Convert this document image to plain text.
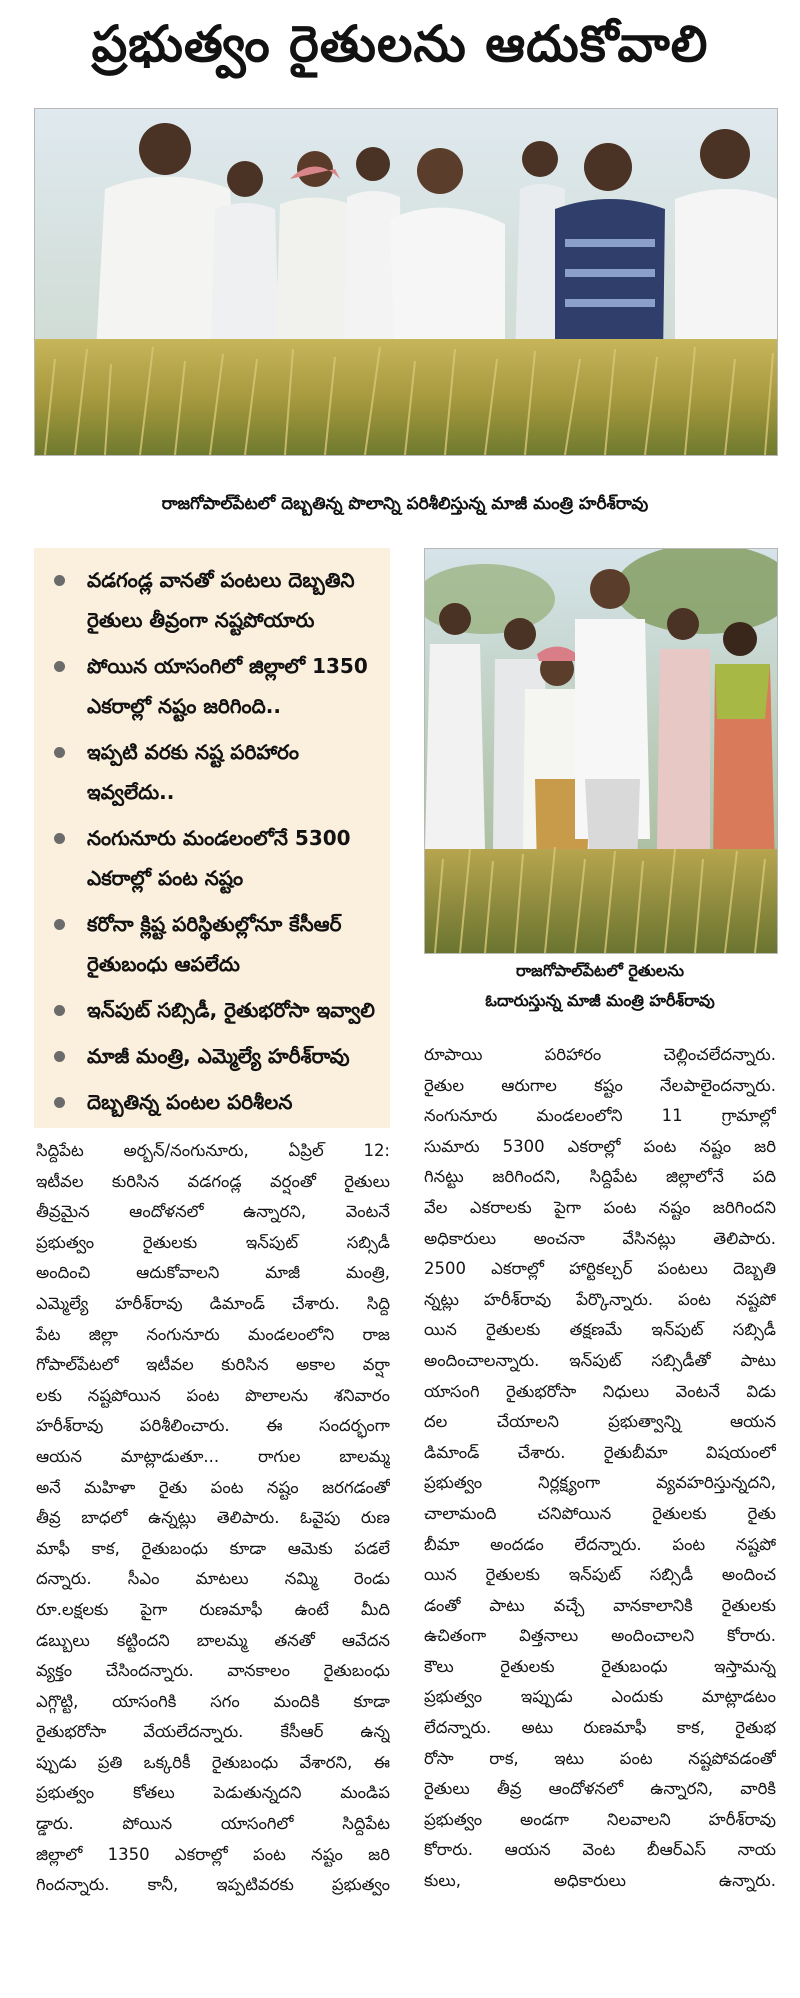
ప్రభుత్వం రైతులను ఆదుకోవాలి
రాజగోపాల్‌పేటలో దెబ్బతిన్న పొలాన్ని పరిశీలిస్తున్న మాజీ మంత్రి హరీశ్‌రావు
వడగండ్ల వానతో పంటలు దెబ్బతిని రైతులు తీవ్రంగా నష్టపోయారు
పోయిన యాసంగిలో జిల్లాలో 1350 ఎకరాల్లో నష్టం జరిగింది..
ఇప్పటి వరకు నష్ట పరిహారం ఇవ్వలేదు..
నంగునూరు మండలంలోనే 5300 ఎకరాల్లో పంట నష్టం
కరోనా క్లిష్ట పరిస్థితుల్లోనూ కేసీఆర్ రైతుబంధు ఆపలేదు
ఇన్‌పుట్ సబ్సిడీ, రైతుభరోసా ఇవ్వాలి
మాజీ మంత్రి, ఎమ్మెల్యే హరీశ్‌రావు
దెబ్బతిన్న పంటల పరిశీలన
రాజగోపాల్‌పేటలో రైతులను
ఓదారుస్తున్న మాజీ మంత్రి హరీశ్‌రావు
సిద్దిపేట అర్బన్/నంగునూరు, ఏప్రిల్ 12:
ఇటీవల కురిసిన వడగండ్ల వర్షంతో రైతులు
తీవ్రమైన ఆందోళనలో ఉన్నారని, వెంటనే
ప్రభుత్వం రైతులకు ఇన్‌పుట్ సబ్సిడీ
అందించి ఆదుకోవాలని మాజీ మంత్రి,
ఎమ్మెల్యే హరీశ్‌రావు డిమాండ్ చేశారు. సిద్ది
పేట జిల్లా నంగునూరు మండలంలోని రాజ
గోపాల్‌పేటలో ఇటీవల కురిసిన అకాల వర్షా
లకు నష్టపోయిన పంట పొలాలను శనివారం
హరీశ్‌రావు పరిశీలించారు. ఈ సందర్భంగా
ఆయన మాట్లాడుతూ... రాగుల బాలమ్మ
అనే మహిళా రైతు పంట నష్టం జరగడంతో
తీవ్ర బాధలో ఉన్నట్లు తెలిపారు. ఓవైపు రుణ
మాఫీ కాక, రైతుబంధు కూడా ఆమెకు పడలే
దన్నారు. సీఎం మాటలు నమ్మి రెండు
రూ.లక్షలకు పైగా రుణమాఫీ ఉంటే మీది
డబ్బులు కట్టిందని బాలమ్మ తనతో ఆవేదన
వ్యక్తం చేసిందన్నారు. వానకాలం రైతుబంధు
ఎగ్గొట్టి, యాసంగికి సగం మందికి కూడా
రైతుభరోసా వేయలేదన్నారు. కేసీఆర్ ఉన్న
ప్పుడు ప్రతి ఒక్కరికీ రైతుబంధు వేశారని, ఈ
ప్రభుత్వం కోతలు పెడుతున్నదని మండిప
డ్డారు. పోయిన యాసంగిలో సిద్దిపేట
జిల్లాలో 1350 ఎకరాల్లో పంట నష్టం జరి
గిందన్నారు. కానీ, ఇప్పటివరకు ప్రభుత్వం
రూపాయి పరిహారం చెల్లించలేదన్నారు.
రైతుల ఆరుగాల కష్టం నేలపాలైందన్నారు.
నంగునూరు మండలంలోని 11 గ్రామాల్లో
సుమారు 5300 ఎకరాల్లో పంట నష్టం జరి
గినట్టు జరిగిందని, సిద్దిపేట జిల్లాలోనే పది
వేల ఎకరాలకు పైగా పంట నష్టం జరిగిందని
అధికారులు అంచనా వేసినట్లు తెలిపారు.
2500 ఎకరాల్లో హార్టికల్చర్ పంటలు దెబ్బతి
న్నట్లు హరీశ్‌రావు పేర్కొన్నారు. పంట నష్టపో
యిన రైతులకు తక్షణమే ఇన్‌పుట్ సబ్సిడీ
అందించాలన్నారు. ఇన్‌పుట్ సబ్సిడీతో పాటు
యాసంగి రైతుభరోసా నిధులు వెంటనే విడు
దల చేయాలని ప్రభుత్వాన్ని ఆయన
డిమాండ్ చేశారు. రైతుబీమా విషయంలో
ప్రభుత్వం నిర్లక్ష్యంగా వ్యవహరిస్తున్నదని,
చాలామంది చనిపోయిన రైతులకు రైతు
బీమా అందడం లేదన్నారు. పంట నష్టపో
యిన రైతులకు ఇన్‌పుట్ సబ్సిడీ అందించ
డంతో పాటు వచ్చే వానకాలానికి రైతులకు
ఉచితంగా విత్తనాలు అందించాలని కోరారు.
కౌలు రైతులకు రైతుబంధు ఇస్తామన్న
ప్రభుత్వం ఇప్పుడు ఎందుకు మాట్లాడటం
లేదన్నారు. అటు రుణమాఫీ కాక, రైతుభ
రోసా రాక, ఇటు పంట నష్టపోవడంతో
రైతులు తీవ్ర ఆందోళనలో ఉన్నారని, వారికి
ప్రభుత్వం అండగా నిలవాలని హరీశ్‌రావు
కోరారు. ఆయన వెంట బీఆర్ఎస్ నాయ
కులు, అధికారులు ఉన్నారు.
